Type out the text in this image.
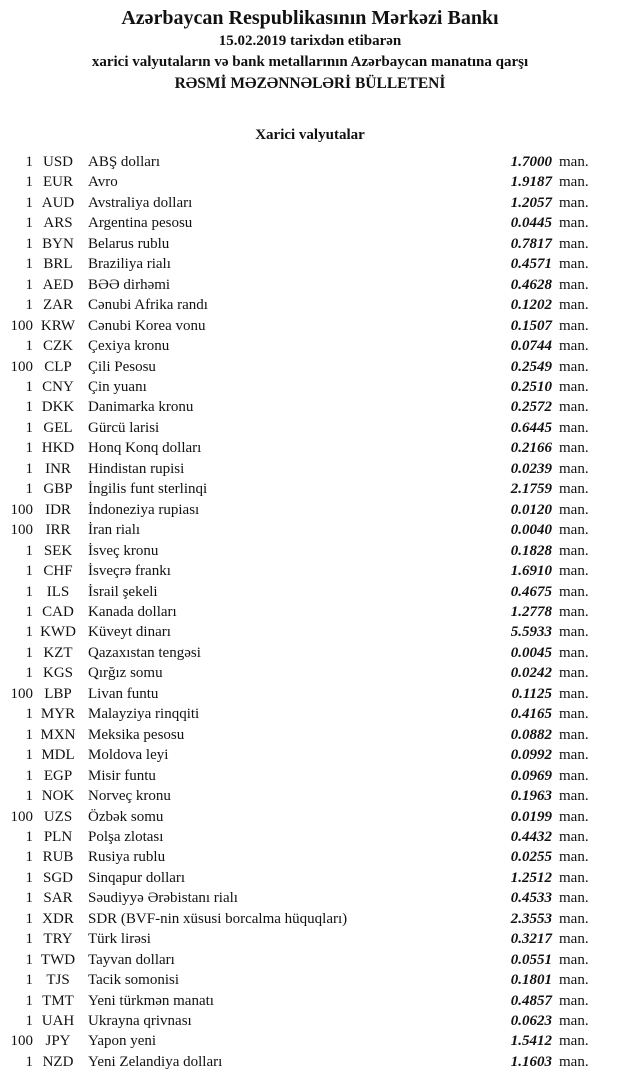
Azərbaycan Respublikasının Mərkəzi Bankı
15.02.2019 tarixdən etibarən
xarici valyutaların və bank metallarının Azərbaycan manatına qarşı
RƏSMİ MƏZƏNNƏLƏRİ BÜLLETENİ
Xarici valyutalar
1 USD	ABŞ dolları	1.7000 man.
1 EUR	Avro	1.9187 man.
1 AUD Avstraliya dolları	1.2057 man.
1 ARS	Argentina pesosu	0.0445 man.
1 BYN Belarus rublu	0.7817 man.
1 BRL	Braziliya rialı	0.4571 man.
1 AED BƏƏ dirhəmi	0.4628 man.
1 ZAR	Cənubi Afrika randı	0.1202 man.
100 KRW Cənubi Korea vonu	0.1507 man.
1 CZK	Çexiya kronu	0.0744 man.
100 CLP	Çili Pesosu	0.2549 man.
1 CNY Çin yuanı	0.2510 man.
1 DKK Danimarka kronu	0.2572 man.
1 GEL	Gürcü larisi	0.6445 man.
1 HKD Honq Konq dolları	0.2166 man.
1 INR	Hindistan rupisi	0.0239 man.
1 GBP	İngilis funt sterlinqi	2.1759 man.
100 IDR	İndoneziya rupiası	0.0120 man.
100 IRR	İran rialı	0.0040 man.
1 SEK	İsveç kronu	0.1828 man.
1 CHF	İsveçrə frankı	1.6910 man.
1 ILS	İsrail şekeli	0.4675 man.
1 CAD Kanada dolları	1.2778 man.
1 KWD Küveyt dinarı	5.5933 man.
1 KZT	Qazaxıstan tengəsi	0.0045 man.
1 KGS	Qırğız somu	0.0242 man.
100 LBP	Livan funtu	0.1125 man.
1 MYR Malayziya rinqqiti	0.4165 man.
1 MXN Meksika pesosu	0.0882 man.
1 MDL Moldova leyi	0.0992 man.
1 EGP	Misir funtu	0.0969 man.
1 NOK Norveç kronu	0.1963 man.
100 UZS	Özbək somu	0.0199 man.
1 PLN	Polşa zlotası	0.4432 man.
1 RUB Rusiya rublu	0.0255 man.
1 SGD	Sinqapur dolları	1.2512 man.
1 SAR	Səudiyyə Ərəbistanı rialı	0.4533 man.
1 XDR SDR (BVF-nin xüsusi borcalma hüquqları)	2.3553 man.
1 TRY	Türk lirəsi	0.3217 man.
1 TWD Tayvan dolları	0.0551 man.
1 TJS	Tacik somonisi	0.1801 man.
1 TMT Yeni türkmən manatı	0.4857 man.
1 UAH Ukrayna qrivnası	0.0623 man.
100 JPY	Yapon yeni	1.5412 man.
1 NZD Yeni Zelandiya dolları	1.1603 man.
